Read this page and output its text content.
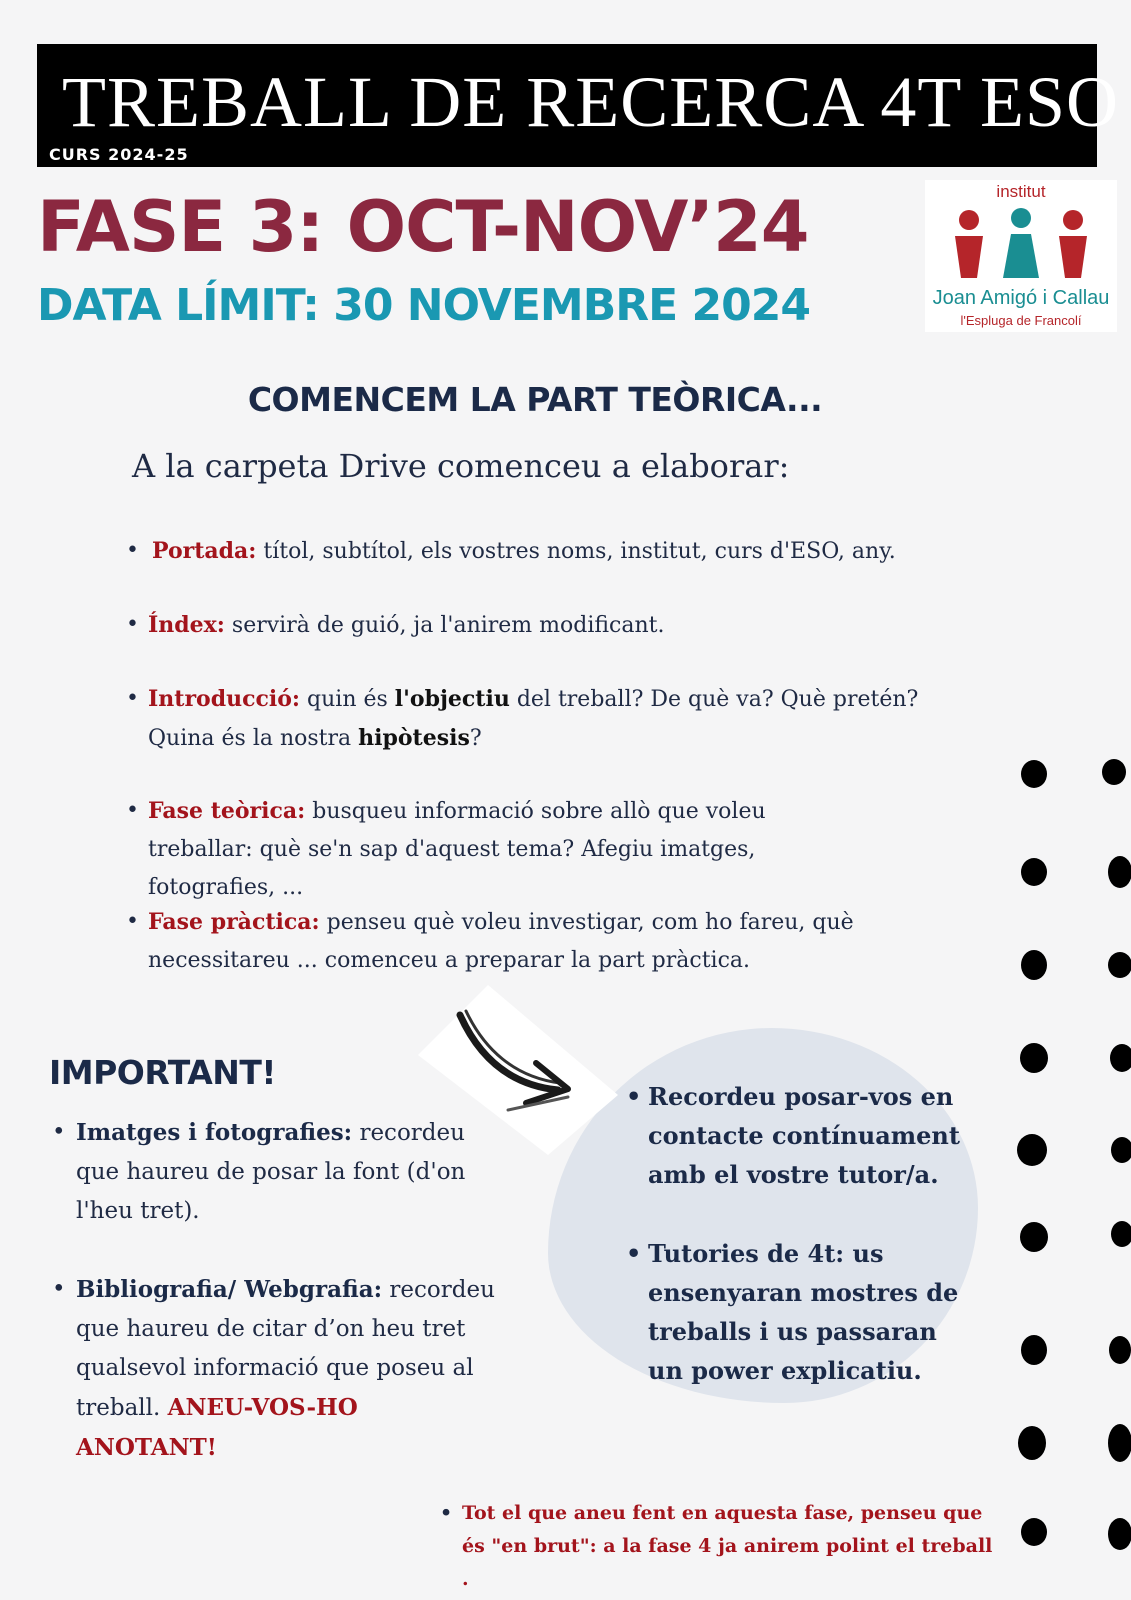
TREBALL DE RECERCA 4T ESO
CURS 2024-25
FASE 3: OCT-NOV’24
DATA LÍMIT: 30 NOVEMBRE 2024
institut
Joan Amigó i Callau
l'Espluga de Francolí
COMENCEM LA PART TEÒRICA...
A la carpeta Drive comenceu a elaborar:
• Portada: títol, subtítol, els vostres noms, institut, curs d'ESO, any.
• Índex: servirà de guió, ja l'anirem modificant.
• Introducció: quin és l'objectiu del treball? De què va? Què pretén? Quina és la nostra hipòtesis?
• Fase teòrica: busqueu informació sobre allò que voleu treballar: què se'n sap d'aquest tema? Afegiu imatges, fotografies, ...
• Fase pràctica: penseu què voleu investigar, com ho fareu, què necessitareu ... comenceu a preparar la part pràctica.
IMPORTANT!
• Imatges i fotografies: recordeu que haureu de posar la font (d'on l'heu tret).
• Bibliografia/ Webgrafia: recordeu que haureu de citar d’on heu tret qualsevol informació que poseu al treball. ANEU-VOS-HO ANOTANT!
• Recordeu posar-vos en contacte contínuament amb el vostre tutor/a.
• Tutories de 4t: us ensenyaran mostres de treballs i us passaran un power explicatiu.
• Tot el que aneu fent en aquesta fase, penseu que és "en brut": a la fase 4 ja anirem polint el treball .
